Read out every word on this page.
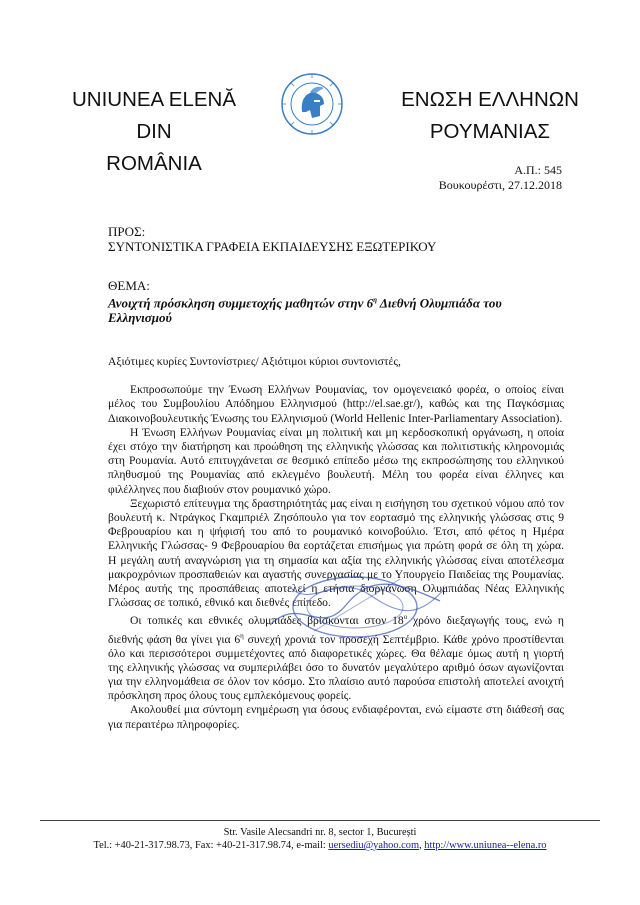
UNIUNEA ELENĂ DIN
ROMÂNIA
ΕΝΩΣΗ ΕΛΛΗΝΩΝ
ΡΟΥΜΑΝΙΑΣ
Α.Π.: 545
Βουκουρέστι, 27.12.2018
ΠΡΟΣ:
ΣΥΝΤΟΝΙΣΤΙΚΑ ΓΡΑΦΕΙΑ ΕΚΠΑΙΔΕΥΣΗΣ ΕΞΩΤΕΡΙΚΟΥ
ΘΕΜΑ:
Ανοιχτή πρόσκληση συμμετοχής μαθητών στην $6^\eta$ Διεθνή Ολυμπιάδα του Ελληνισμού

Αξιότιμες κυρίες Συντονίστριες/ Αξιότιμοι κύριοι συντονιστές,

Εκπροσωπούμε την Ένωση Ελλήνων Ρουμανίας, τον ομογενειακό φορέα, ο οποίος είναι μέλος του Συμβουλίου Απόδημου Ελληνισμού (http://el.sae.gr/), καθώς και της Παγκόσμιας Διακοινοβουλευτικής Ένωσης του Ελληνισμού (World Hellenic Inter-Parliamentary Association).

Η Ένωση Ελλήνων Ρουμανίας είναι μη πολιτική και μη κερδοσκοπική οργάνωση, η οποία έχει στόχο την διατήρηση και προώθηση της ελληνικής γλώσσας και πολιτιστικής κληρονομιάς στη Ρουμανία. Αυτό επιτυγχάνεται σε θεσμικό επίπεδο μέσω της εκπροσώπησης του ελληνικού πληθυσμού της Ρουμανίας από εκλεγμένο βουλευτή. Μέλη του φορέα είναι έλληνες και φιλέλληνες που διαβιούν στον ρουμανικό χώρο.

Ξεχωριστό επίτευγμα της δραστηριότητάς μας είναι η εισήγηση του σχετικού νόμου από τον βουλευτή κ. Ντράγκος Γκαμπριέλ Ζησόπουλο για τον εορτασμό της ελληνικής γλώσσας στις 9 Φεβρουαρίου και η ψήφισή του από το ρουμανικό κοινοβούλιο. Έτσι, από φέτος η Ημέρα Ελληνικής Γλώσσας- 9 Φεβρουαρίου θα εορτάζεται επισήμως για πρώτη φορά σε όλη τη χώρα. Η μεγάλη αυτή αναγνώριση για τη σημασία και αξία της ελληνικής γλώσσας είναι αποτέλεσμα μακροχρόνιων προσπαθειών και αγαστής συνεργασίας με το Υπουργείο Παιδείας της Ρουμανίας. Μέρος αυτής της προσπάθειας αποτελεί η ετήσια διοργάνωση Ολυμπιάδας Νέας Ελληνικής Γλώσσας σε τοπικό, εθνικό και διεθνές επίπεδο.

Οι τοπικές και εθνικές ολυμπιάδες βρίσκονται στον $18^o$ χρόνο διεξαγωγής τους, ενώ η διεθνής φάση θα γίνει για $6^\eta$ συνεχή χρονιά τον προσεχή Σεπτέμβριο. Κάθε χρόνο προστίθενται όλο και περισσότεροι συμμετέχοντες από διαφορετικές χώρες. Θα θέλαμε όμως αυτή η γιορτή της ελληνικής γλώσσας να συμπεριλάβει όσο το δυνατόν μεγαλύτερο αριθμό όσων αγωνίζονται για την ελληνομάθεια σε όλον τον κόσμο. Στο πλαίσιο αυτό παρούσα επιστολή αποτελεί ανοιχτή πρόσκληση προς όλους τους εμπλεκόμενους φορείς.

Ακολουθεί μια σύντομη ενημέρωση για όσους ενδιαφέρονται, ενώ είμαστε στη διάθεσή σας για περαιτέρω πληροφορίες.

Str. Vasile Alecsandri nr. 8, sector 1, București
Tel.: +40-21-317.98.73, Fax: +40-21-317.98.74, e-mail: uersediu@yahoo.com, http://www.uniunea--elena.ro
